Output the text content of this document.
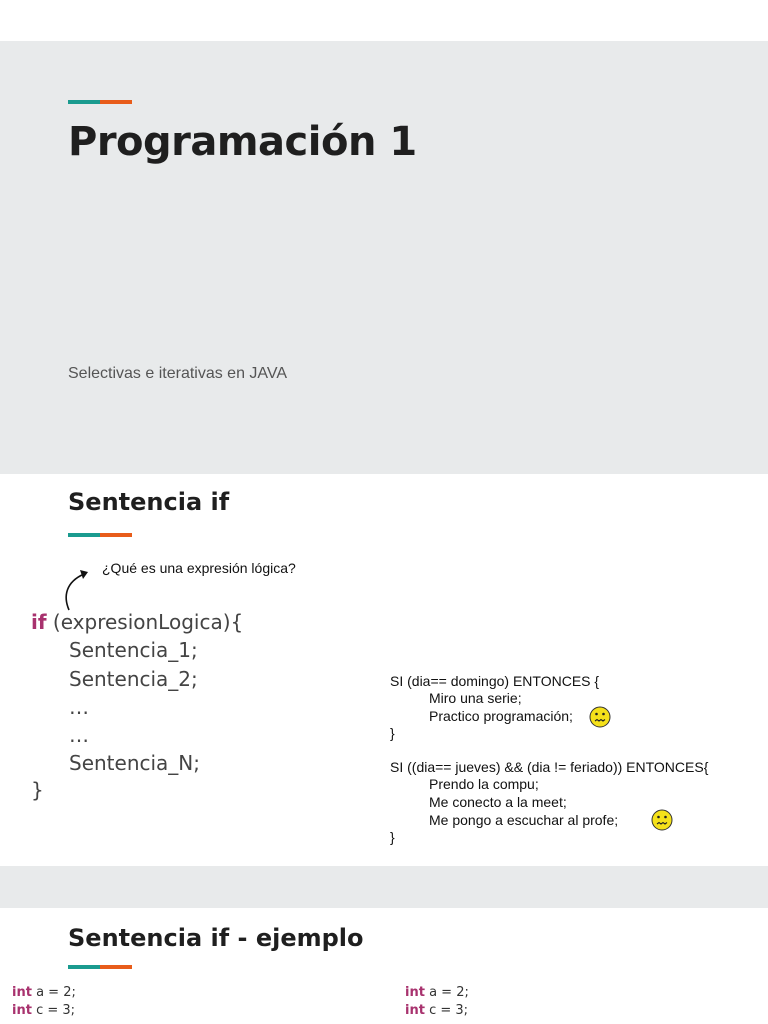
Programación 1
Selectivas e iterativas en JAVA
Sentencia if
¿Qué es una expresión lógica?
if (expresionLogica){
Sentencia_1;
Sentencia_2;
…
…
Sentencia_N;
}
SI (dia== domingo) ENTONCES {
Miro una serie;
Practico programación;
}
SI ((dia== jueves) && (dia != feriado)) ENTONCES{
Prendo la compu;
Me conecto a la meet;
Me pongo a escuchar al profe;
}
Sentencia if - ejemplo
int a = 2;
int c = 3;
int a = 2;
int c = 3;
